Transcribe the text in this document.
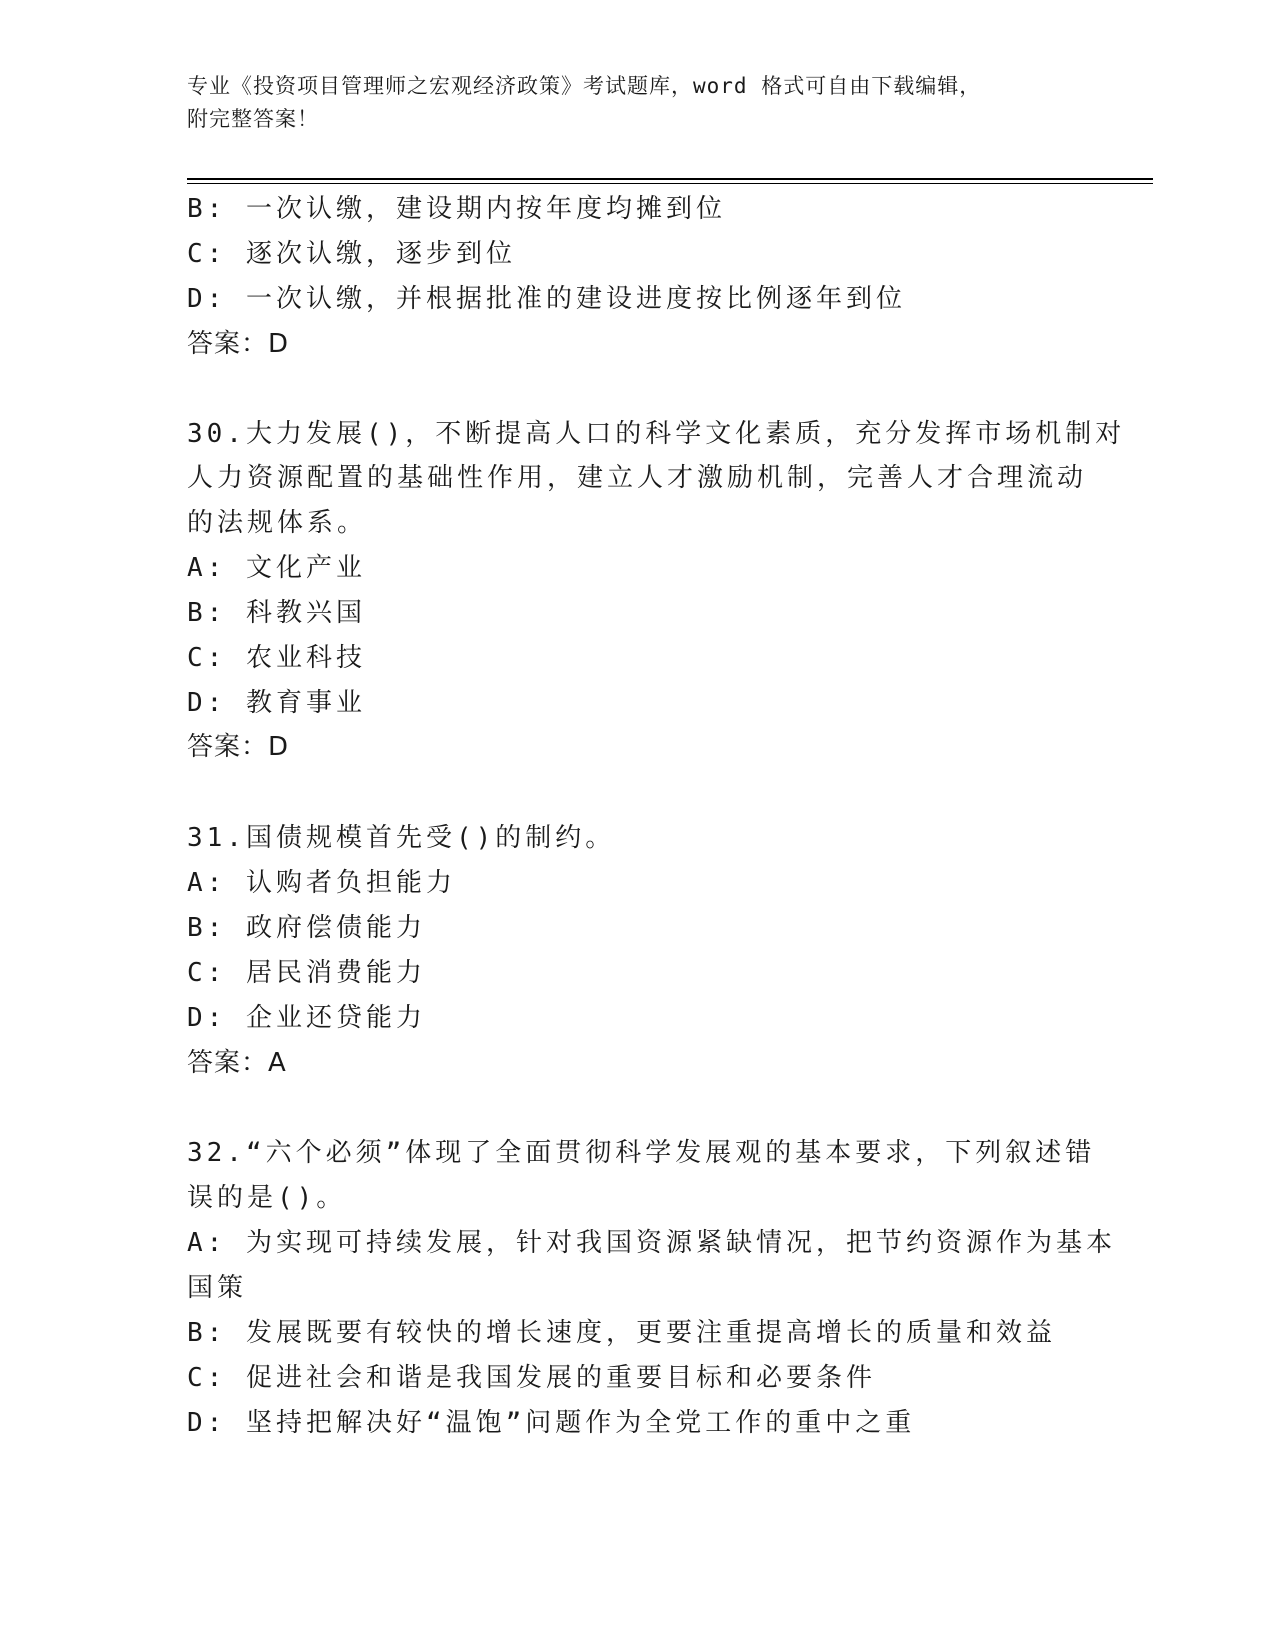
专业《投资项目管理师之宏观经济政策》考试题库，word 格式可自由下载编辑，
附完整答案！
B: 一次认缴，建设期内按年度均摊到位
C: 逐次认缴，逐步到位
D: 一次认缴，并根据批准的建设进度按比例逐年到位
答案：D
30.大力发展()，不断提高人口的科学文化素质，充分发挥市场机制对
人力资源配置的基础性作用，建立人才激励机制，完善人才合理流动
的法规体系。
A: 文化产业
B: 科教兴国
C: 农业科技
D: 教育事业
答案：D
31.国债规模首先受()的制约。
A: 认购者负担能力
B: 政府偿债能力
C: 居民消费能力
D: 企业还贷能力
答案：A
32.“六个必须”体现了全面贯彻科学发展观的基本要求，下列叙述错
误的是()。
A: 为实现可持续发展，针对我国资源紧缺情况，把节约资源作为基本
国策
B: 发展既要有较快的增长速度，更要注重提高增长的质量和效益
C: 促进社会和谐是我国发展的重要目标和必要条件
D: 坚持把解决好“温饱”问题作为全党工作的重中之重
